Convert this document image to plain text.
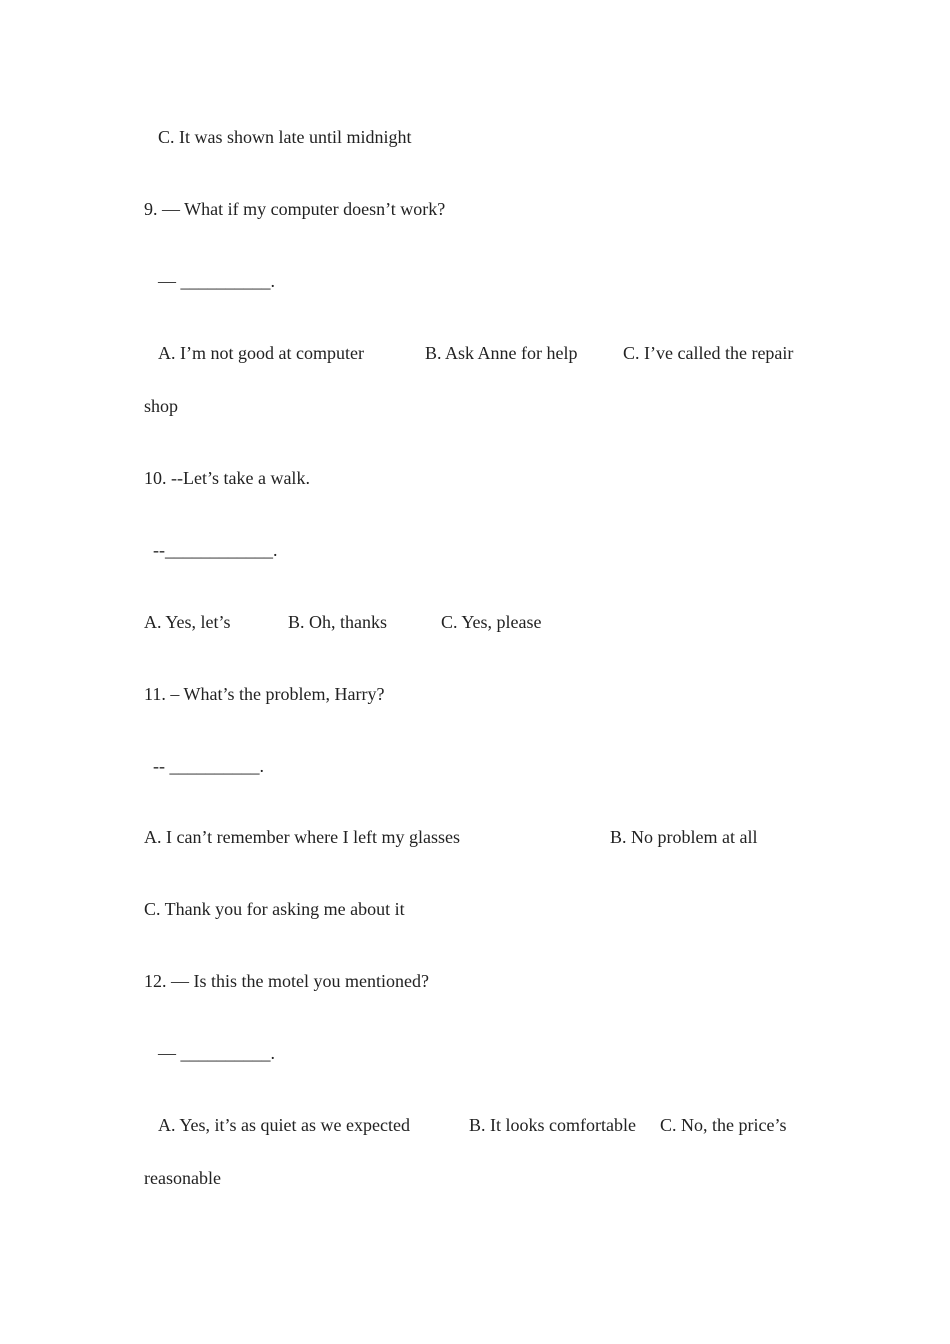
C. It was shown late until midnight
9. — What if my computer doesn’t work?
— __________.
A. I’m not good at computer	B. Ask Anne for help	C. I’ve called the repair
shop
10. --Let’s take a walk.
--____________.
A. Yes, let’s	B. Oh, thanks	C. Yes, please
11. – What’s the problem, Harry?
-- __________.
A. I can’t remember where I left my glasses	B. No problem at all
C. Thank you for asking me about it
12. — Is this the motel you mentioned?
— __________.
A. Yes, it’s as quiet as we expected	B. It looks comfortable C. No, the price’s
reasonable
